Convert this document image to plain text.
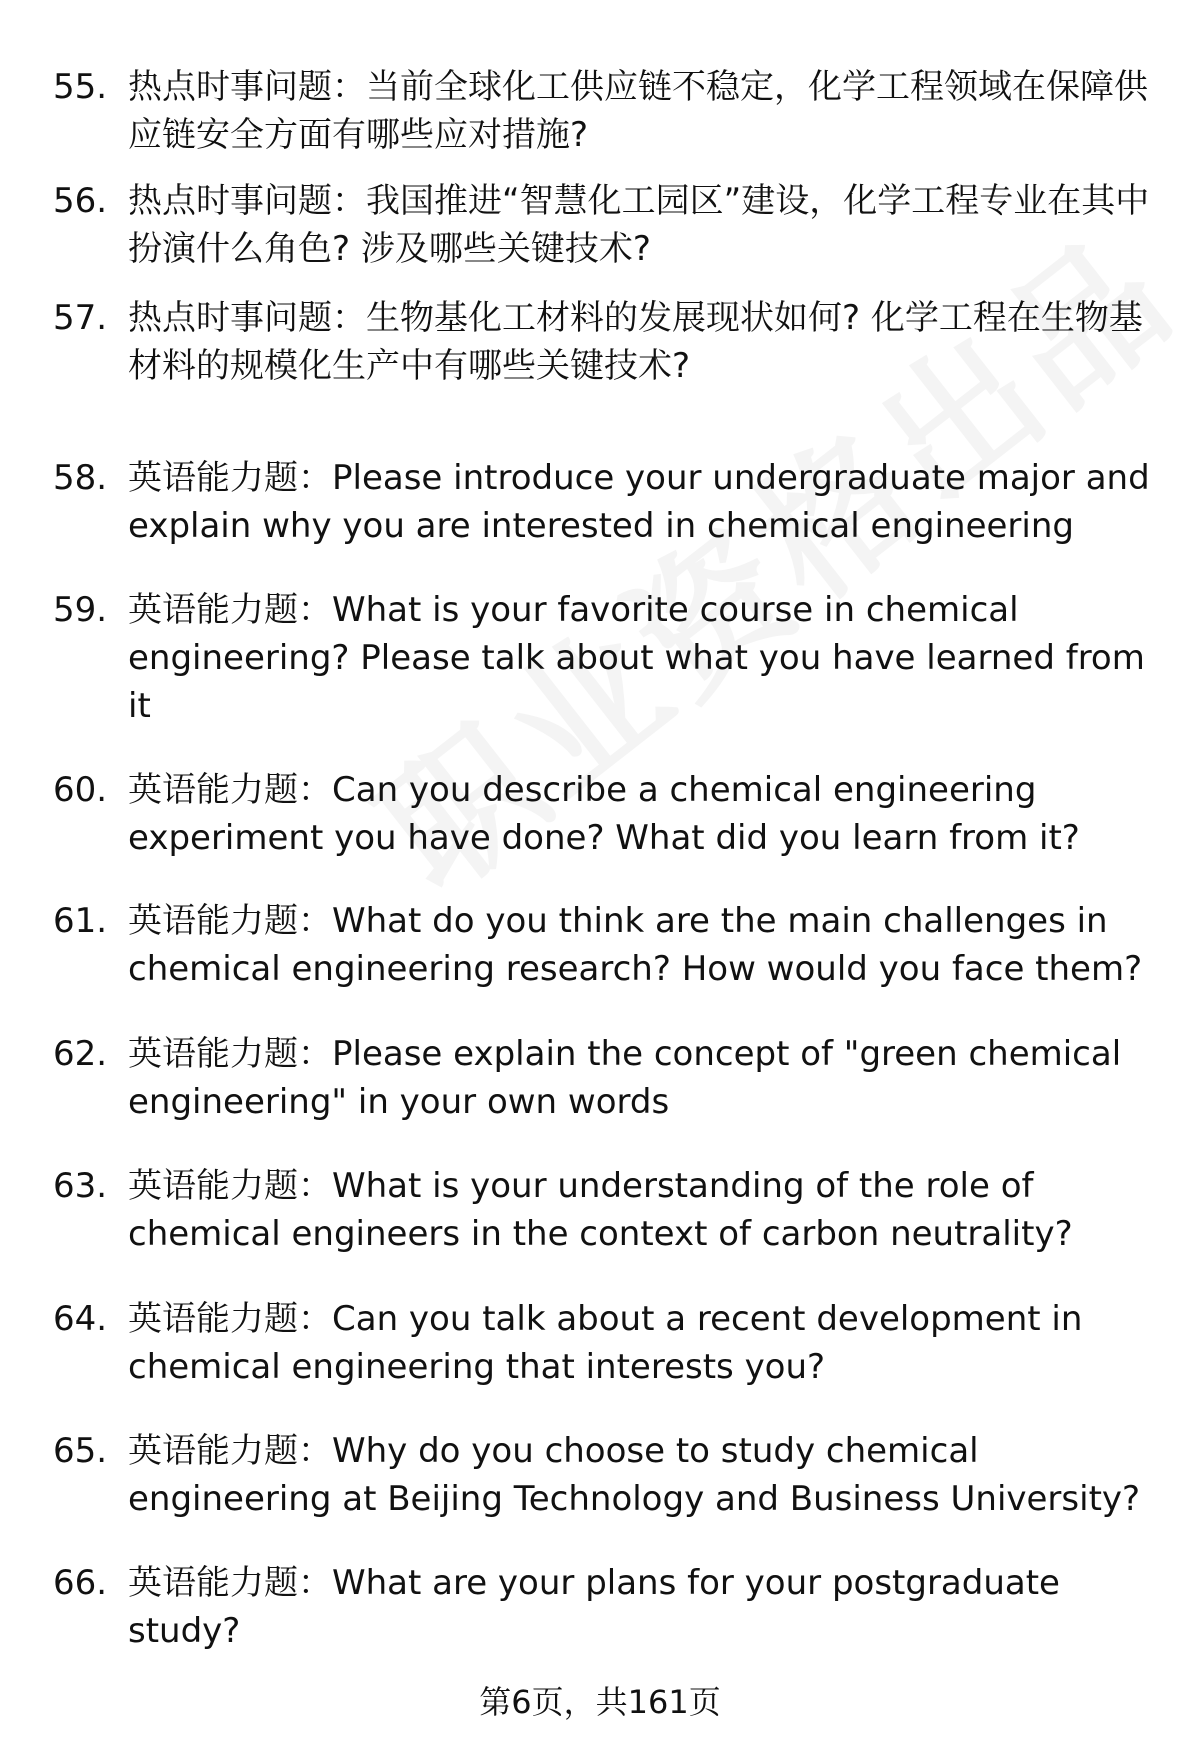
55. 热点时事问题：当前全球化工供应链不稳定，化学工程领域在保障供应链安全方面有哪些应对措施?
56. 热点时事问题：我国推进“智慧化工园区”建设，化学工程专业在其中扮演什么角色? 涉及哪些关键技术?
57. 热点时事问题：生物基化工材料的发展现状如何? 化学工程在生物基材料的规模化生产中有哪些关键技术?
58. 英语能力题：Please introduce your undergraduate major and explain why you are interested in chemical engineering
59. 英语能力题：What is your favorite course in chemical engineering? Please talk about what you have learned from it
60. 英语能力题：Can you describe a chemical engineering experiment you have done? What did you learn from it?
61. 英语能力题：What do you think are the main challenges in chemical engineering research? How would you face them?
62. 英语能力题：Please explain the concept of "green chemical engineering" in your own words
63. 英语能力题：What is your understanding of the role of chemical engineers in the context of carbon neutrality?
64. 英语能力题：Can you talk about a recent development in chemical engineering that interests you?
65. 英语能力题：Why do you choose to study chemical engineering at Beijing Technology and Business University?
66. 英语能力题：What are your plans for your postgraduate study?
第6页，共161页
